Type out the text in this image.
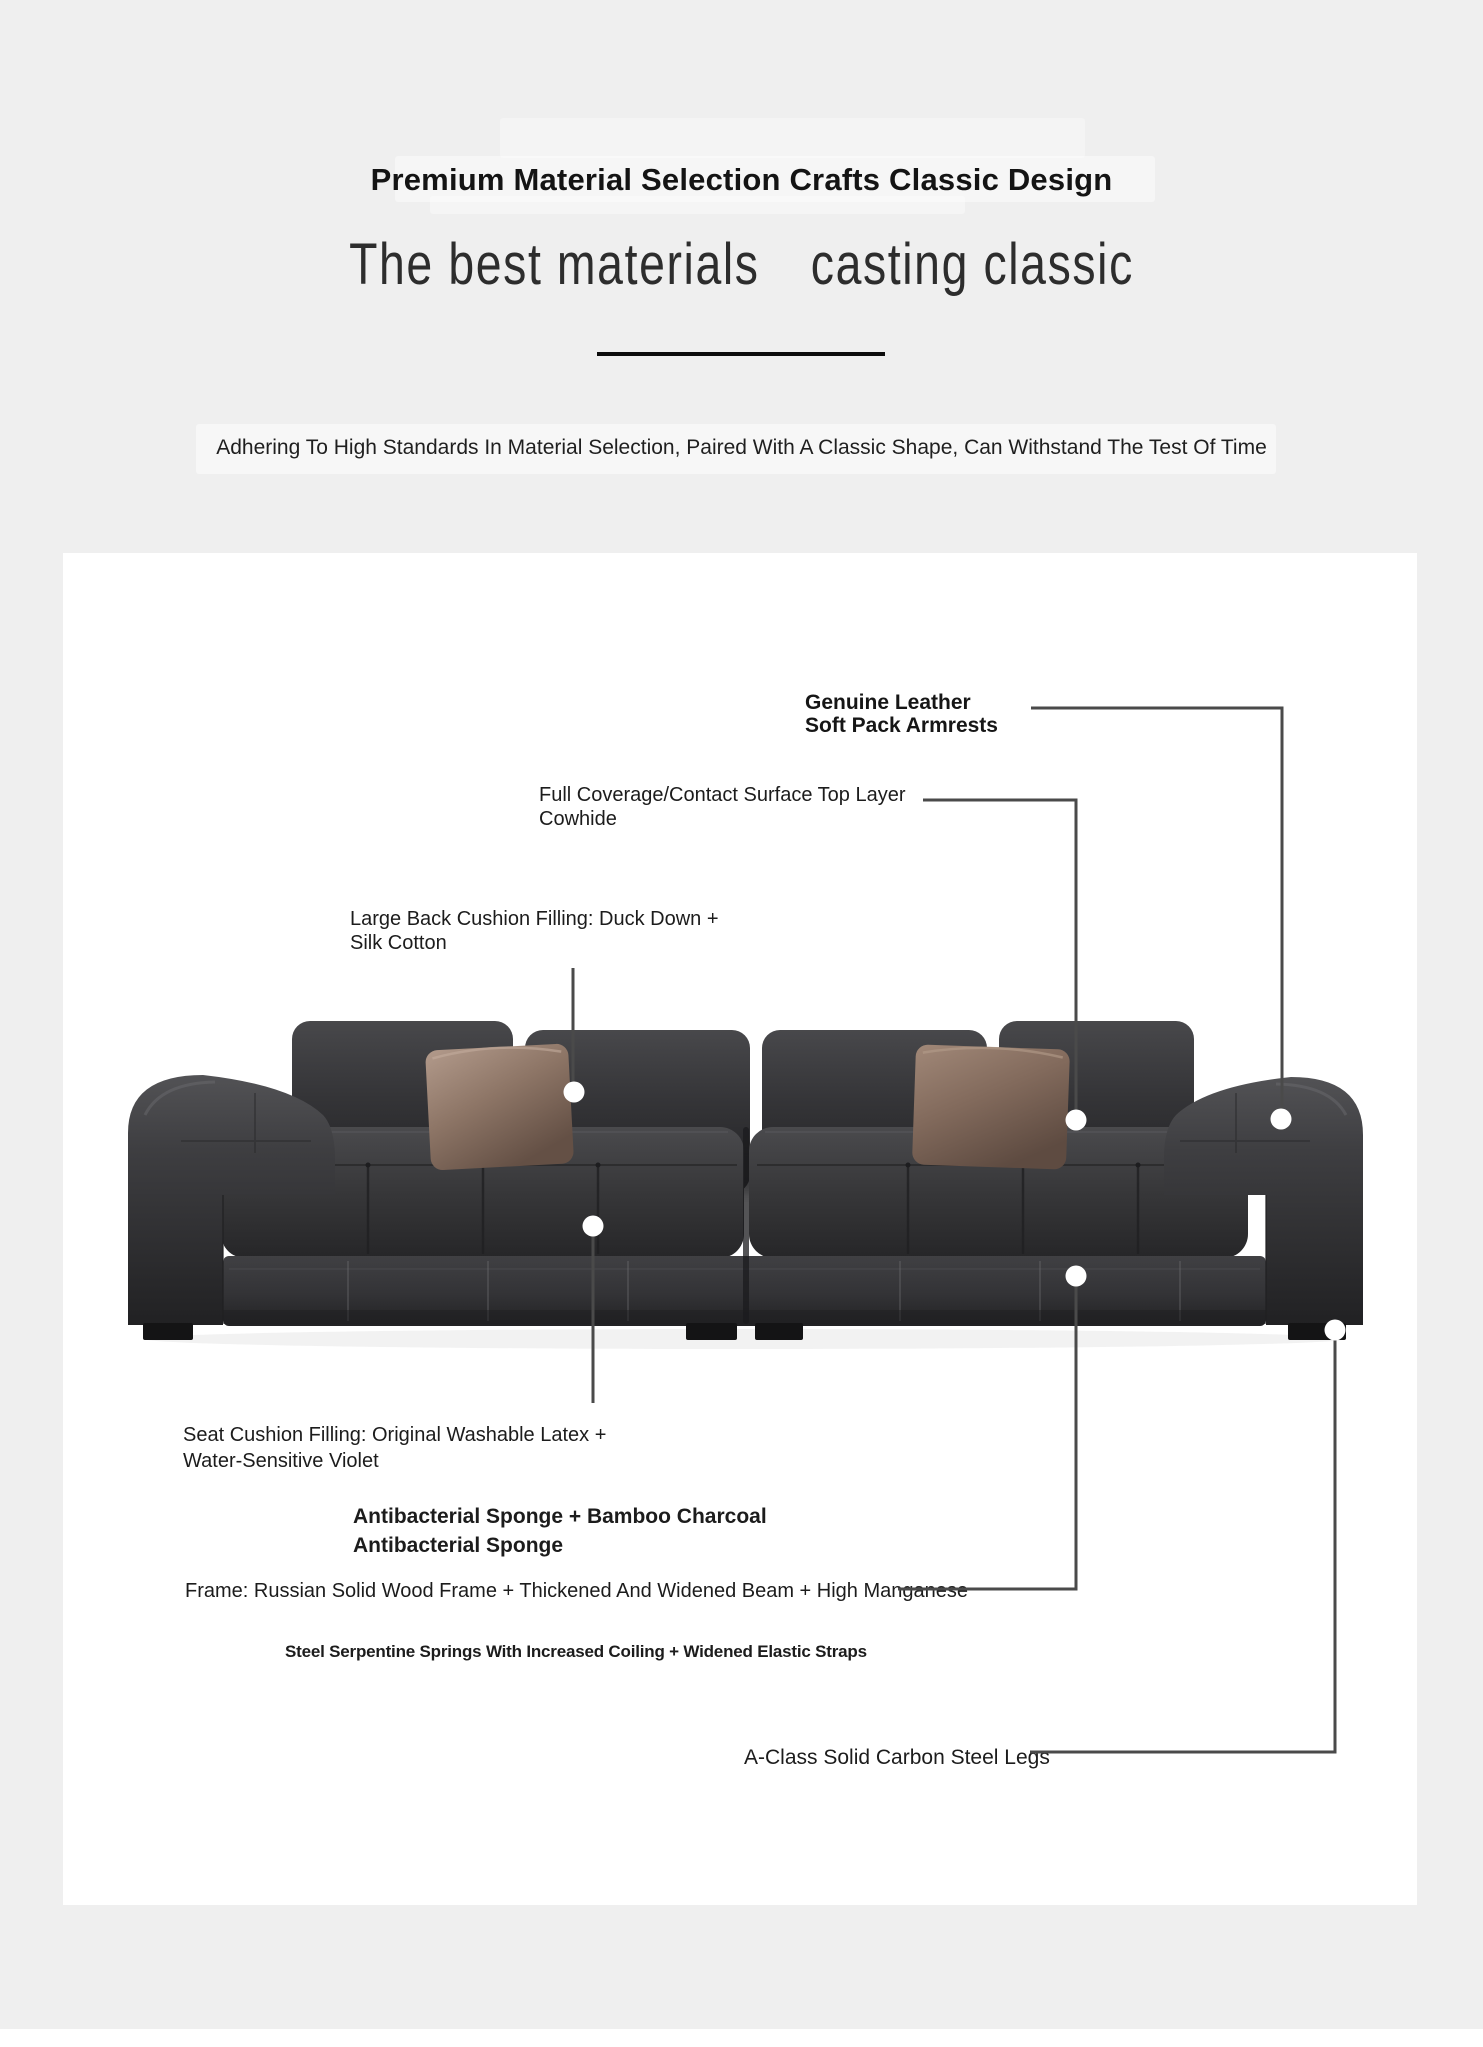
Premium Material Selection Crafts Classic Design
The best materials casting classic
Adhering To High Standards In Material Selection, Paired With A Classic Shape, Can Withstand The Test Of Time
Genuine Leather
Soft Pack Armrests
Full Coverage/Contact Surface Top Layer
Cowhide
Large Back Cushion Filling: Duck Down +
Silk Cotton
Seat Cushion Filling: Original Washable Latex +
Water-Sensitive Violet
Antibacterial Sponge + Bamboo Charcoal
Antibacterial Sponge
Frame: Russian Solid Wood Frame + Thickened And Widened Beam + High Manganese
Steel Serpentine Springs With Increased Coiling + Widened Elastic Straps
A-Class Solid Carbon Steel Legs
